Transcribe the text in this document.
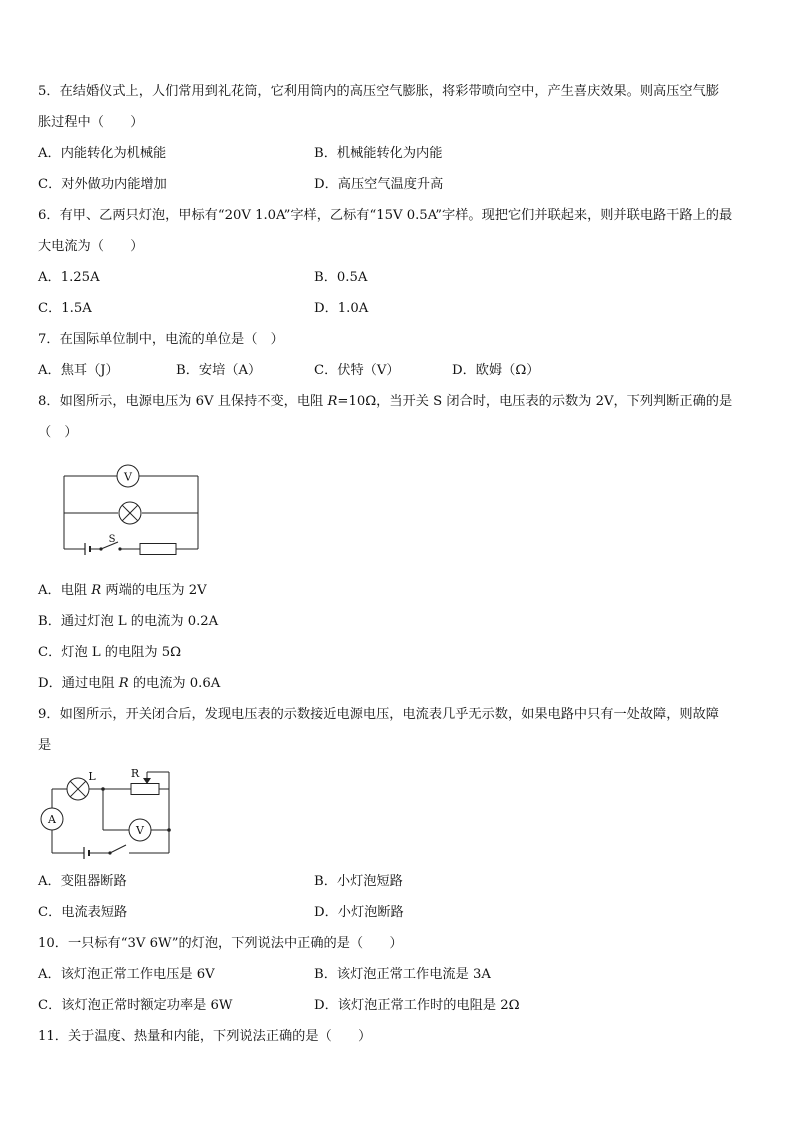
5．在结婚仪式上，人们常用到礼花筒，它利用筒内的高压空气膨胀，将彩带喷向空中，产生喜庆效果。则高压空气膨
胀过程中（　　）
A．内能转化为机械能	B．机械能转化为内能
C．对外做功内能增加	D．高压空气温度升高
6．有甲、乙两只灯泡，甲标有“20V 1.0A”字样，乙标有“15V 0.5A”字样。现把它们并联起来，则并联电路干路上的最
大电流为（　　）
A．1.25A	B．0.5A
C．1.5A	D．1.0A
7．在国际单位制中，电流的单位是（　）
A．焦耳（J）	B．安培（A）	C．伏特（V）	D．欧姆（Ω）
8．如图所示，电源电压为 6V 且保持不变，电阻 R=10Ω，当开关 S 闭合时，电压表的示数为 2V，下列判断正确的是
（　）
V
S
A．电阻 R 两端的电压为 2V
B．通过灯泡 L 的电流为 0.2A
C．灯泡 L 的电阻为 5Ω
D．通过电阻 R 的电流为 0.6A
9．如图所示，开关闭合后，发现电压表的示数接近电源电压，电流表几乎无示数，如果电路中只有一处故障，则故障
是
L	R
A
V
A．变阻器断路	B．小灯泡短路
C．电流表短路	D．小灯泡断路
10．一只标有“3V 6W”的灯泡，下列说法中正确的是（　　）
A．该灯泡正常工作电压是 6V	B．该灯泡正常工作电流是 3A
C．该灯泡正常时额定功率是 6W	D．该灯泡正常工作时的电阻是 2Ω
11．关于温度、热量和内能，下列说法正确的是（　　）
